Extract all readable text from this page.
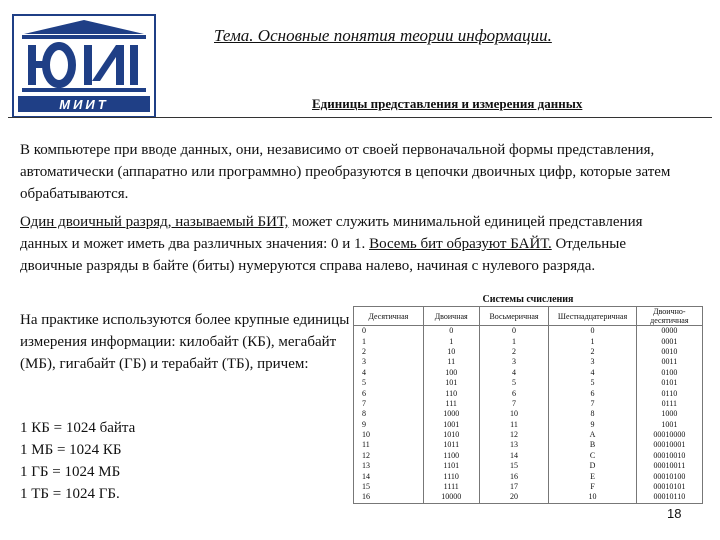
МИИТ
Тема. Основные понятия теории информации.
Единицы представления и измерения данных

В компьютере при вводе данных, они, независимо от своей первоначальной формы представления, автоматически (аппаратно или программно) преобразуются в цепочки двоичных цифр, которые затем обрабатываются.

Один двоичный разряд, называемый БИТ, может служить минимальной единицей представления данных и может иметь два различных значения: 0 и 1. Восемь бит образуют БАЙТ. Отдельные двоичные разряды в байте (биты) нумеруются справа налево, начиная с нулевого разряда.

На практике используются более крупные единицы измерения информации: килобайт (КБ), мегабайт (МБ), гигабайт (ГБ) и терабайт (ТБ), причем:

1 КБ = 1024 байта
1 МБ = 1024 КБ
1 ГБ = 1024 МБ
1 ТБ = 1024 ГБ.
Системы счисления
Десятичная	Двоичная	Восьмеричная	Шестнадцатеричная	Двоично-десятичная
0	0	0	0	0000
1	1	1	1	0001
2	10	2	2	0010
3	11	3	3	0011
4	100	4	4	0100
5	101	5	5	0101
6	110	6	6	0110
7	111	7	7	0111
8	1000	10	8	1000
9	1001	11	9	1001
10	1010	12	A	00010000
11	1011	13	B	00010001
12	1100	14	C	00010010
13	1101	15	D	00010011
14	1110	16	E	00010100
15	1111	17	F	00010101
16	10000	20	10	00010110
18
